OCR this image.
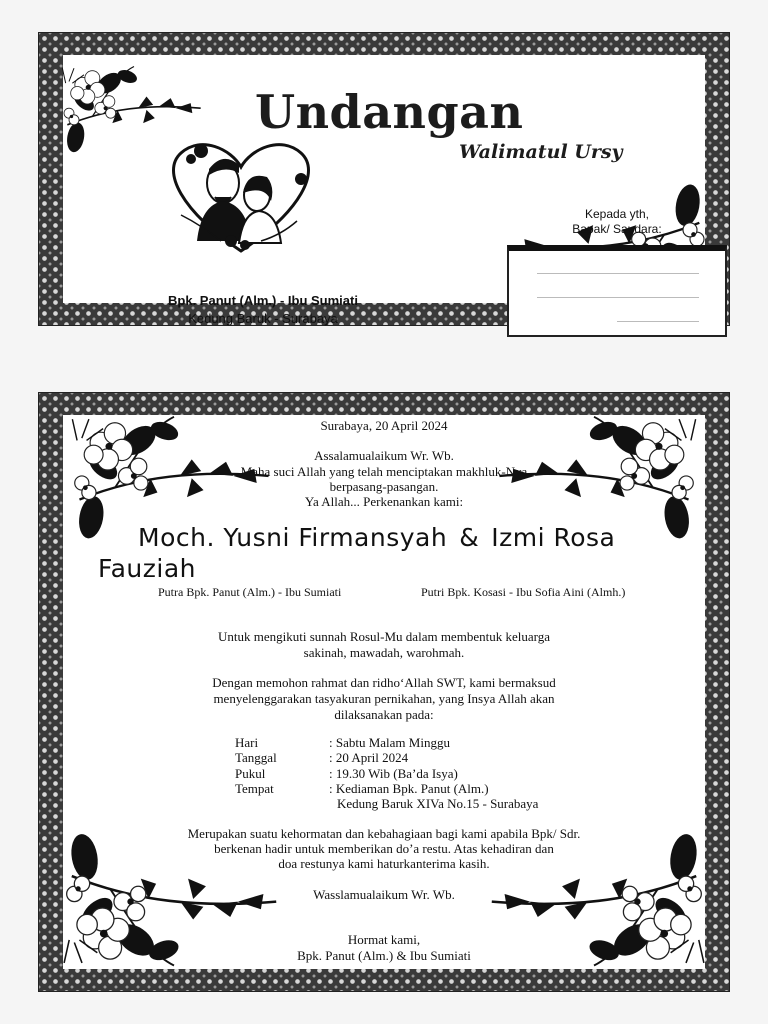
Undangan
Walimatul Ursy
Kepada yth,
Bapak/ Saudara:
Bpk. Panut (Alm.) - Ibu Sumiati
Kedung Baruk - Surabaya

Surabaya, 20 April 2024

Assalamualaikum Wr. Wb.

Maha suci Allah yang telah menciptakan makhluk-Nya

berpasang-pasangan.

Ya Allah... Perkenankan kami:

Moch. Yusni Firmansyah & Izmi Rosa Fauziah
Putra Bpk. Panut (Alm.) - Ibu Sumiati	Putri Bpk. Kosasi - Ibu Sofia Aini (Almh.)

Untuk mengikuti sunnah Rosul-Mu dalam membentuk keluarga

sakinah, mawadah, warohmah.

Dengan memohon rahmat dan ridho‘Allah SWT, kami bermaksud

menyelenggarakan tasyakuran pernikahan, yang Insya Allah akan

dilaksanakan pada:

Hari	: Sabtu Malam Minggu
Tanggal	: 20 April 2024
Pukul	: 19.30 Wib (Ba’da Isya)
Tempat	: Kediaman Bpk. Panut (Alm.)
Kedung Baruk XIVa No.15 - Surabaya

Merupakan suatu kehormatan dan kebahagiaan bagi kami apabila Bpk/ Sdr.

berkenan hadir untuk memberikan do’a restu. Atas kehadiran dan

doa restunya kami haturkanterima kasih.

Wasslamualaikum Wr. Wb.

Hormat kami,

Bpk. Panut (Alm.) & Ibu Sumiati
